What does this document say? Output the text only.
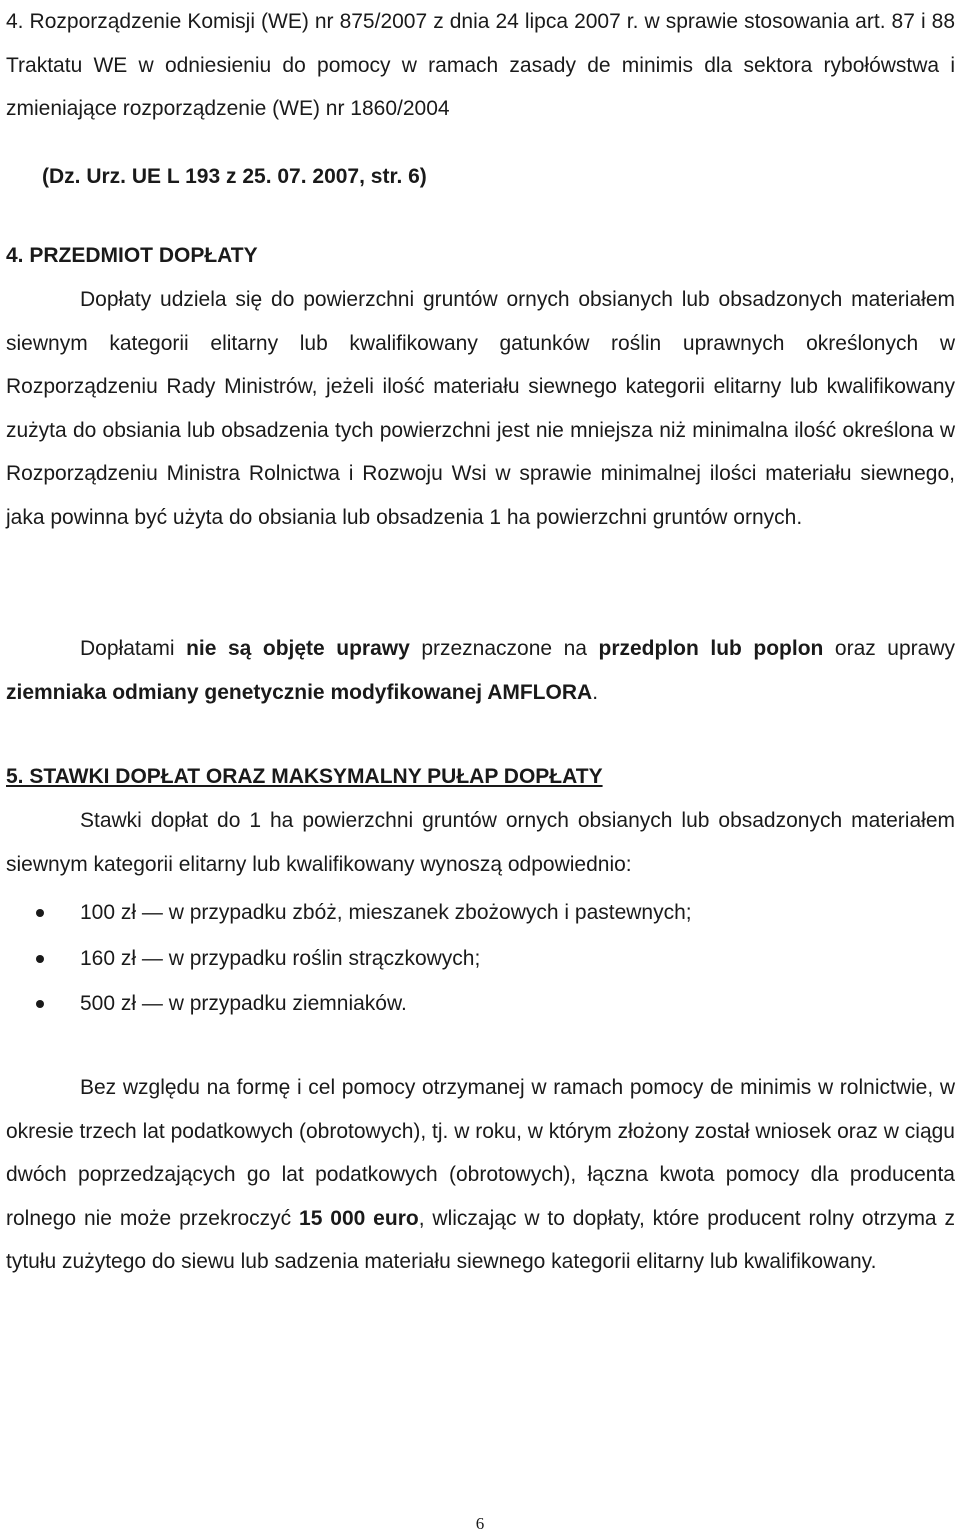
4. Rozporządzenie Komisji (WE) nr 875/2007 z dnia 24 lipca 2007 r. w sprawie stosowania art. 87 i 88 Traktatu WE w odniesieniu do pomocy w ramach zasady de minimis dla sektora rybołówstwa i zmieniające rozporządzenie (WE) nr 1860/2004

(Dz. Urz. UE L 193 z 25. 07. 2007, str. 6)

4. PRZEDMIOT DOPŁATY

Dopłaty udziela się do powierzchni gruntów ornych obsianych lub obsadzonych materiałem siewnym kategorii elitarny lub kwalifikowany gatunków roślin uprawnych określonych w Rozporządzeniu Rady Ministrów, jeżeli ilość materiału siewnego kategorii elitarny lub kwalifikowany zużyta do obsiania lub obsadzenia tych powierzchni jest nie mniejsza niż minimalna ilość określona w Rozporządzeniu Ministra Rolnictwa i Rozwoju Wsi w sprawie minimalnej ilości materiału siewnego, jaka powinna być użyta do obsiania lub obsadzenia 1 ha powierzchni gruntów ornych.

Dopłatami nie są objęte uprawy przeznaczone na przedplon lub poplon oraz uprawy ziemniaka odmiany genetycznie modyfikowanej AMFLORA.

5. STAWKI DOPŁAT ORAZ MAKSYMALNY PUŁAP DOPŁATY

Stawki dopłat do 1 ha powierzchni gruntów ornych obsianych lub obsadzonych materiałem siewnym kategorii elitarny lub kwalifikowany wynoszą odpowiednio:

100 zł — w przypadku zbóż, mieszanek zbożowych i pastewnych;
160 zł — w przypadku roślin strączkowych;
500 zł — w przypadku ziemniaków.

Bez względu na formę i cel pomocy otrzymanej w ramach pomocy de minimis w rolnictwie, w okresie trzech lat podatkowych (obrotowych), tj. w roku, w którym złożony został wniosek oraz w ciągu dwóch poprzedzających go lat podatkowych (obrotowych), łączna kwota pomocy dla producenta rolnego nie może przekroczyć 15 000 euro, wliczając w to dopłaty, które producent rolny otrzyma z tytułu zużytego do siewu lub sadzenia materiału siewnego kategorii elitarny lub kwalifikowany.

6
